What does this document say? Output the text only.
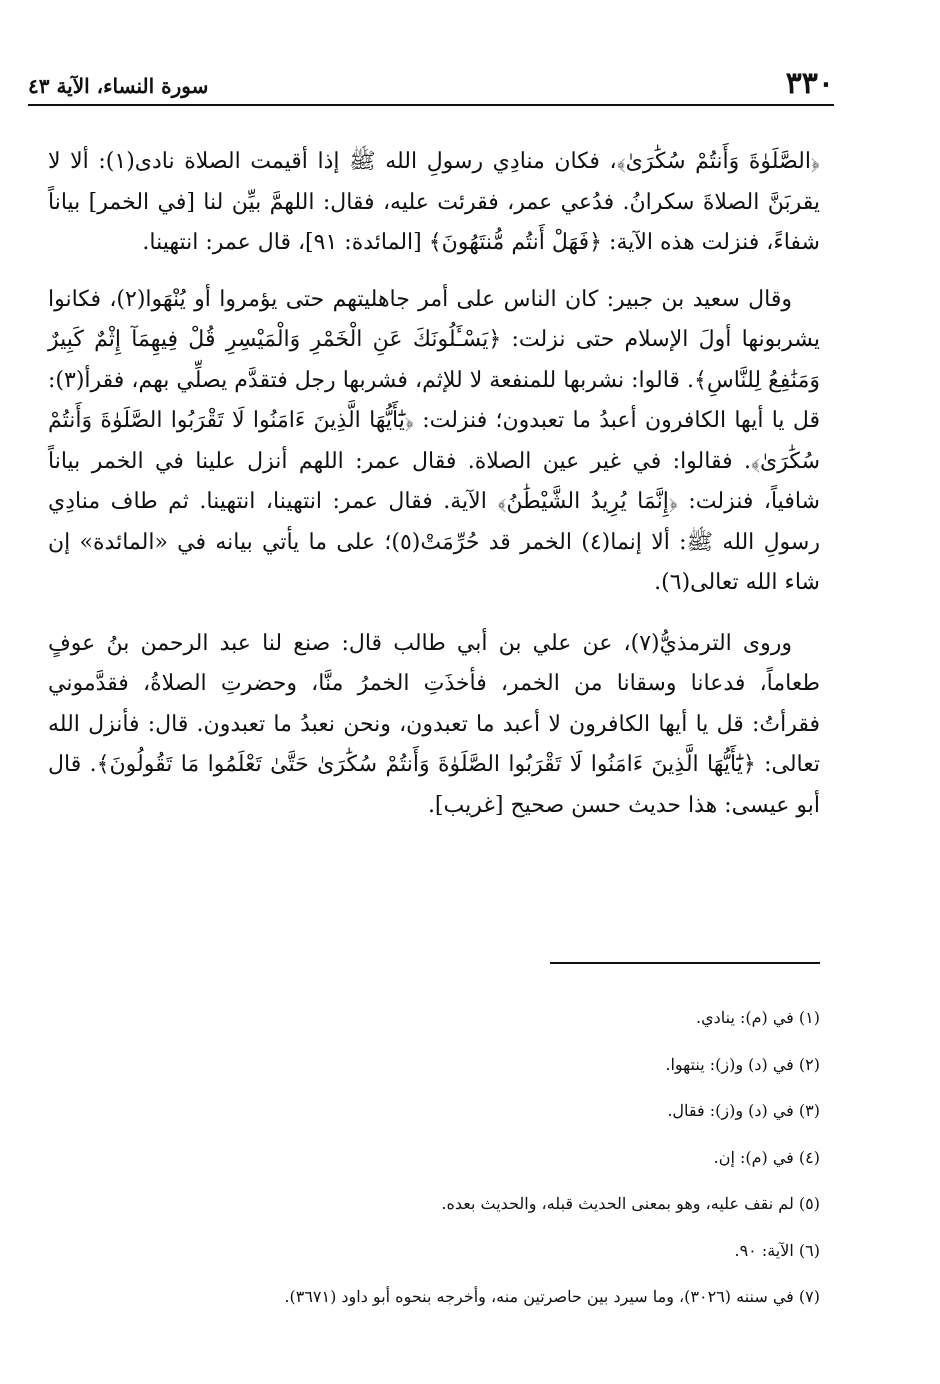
٣٣٠
سورة النساء، الآية ٤٣

﴿الصَّلَوٰةَ وَأَنتُمْ سُكَٰرَىٰ﴾، فكان منادِي رسولِ الله ﷺ إذا أقيمت الصلاة نادى(١): ألا لا يقربَنَّ الصلاةَ سكرانُ. فدُعي عمر، فقرئت عليه، فقال: اللهمَّ بيِّن لنا [في الخمر] بياناً شفاءً، فنزلت هذه الآية: ﴿فَهَلْ أَنتُم مُّنتَهُونَ﴾ [المائدة: ٩١]، قال عمر: انتهينا.

وقال سعيد بن جبير: كان الناس على أمر جاهليتهم حتى يؤمروا أو يُنْهَوا(٢)، فكانوا يشربونها أولَ الإسلام حتى نزلت: ﴿يَسْـَٔلُونَكَ عَنِ الْخَمْرِ وَالْمَيْسِرِ قُلْ فِيهِمَآ إِثْمٌ كَبِيرٌ وَمَنَٰفِعُ لِلنَّاسِ﴾. قالوا: نشربها للمنفعة لا للإثم، فشربها رجل فتقدَّم يصلِّي بهم، فقرأ(٣): قل يا أيها الكافرون أعبدُ ما تعبدون؛ فنزلت: ﴿يَٰٓأَيُّهَا الَّذِينَ ءَامَنُوا لَا تَقْرَبُوا الصَّلَوٰةَ وَأَنتُمْ سُكَٰرَىٰ﴾. فقالوا: في غير عين الصلاة. فقال عمر: اللهم أنزل علينا في الخمر بياناً شافياً، فنزلت: ﴿إِنَّمَا يُرِيدُ الشَّيْطَٰنُ﴾ الآية. فقال عمر: انتهينا، انتهينا. ثم طاف منادِي رسولِ الله ﷺ: ألا إنما(٤) الخمر قد حُرِّمَتْ(٥)؛ على ما يأتي بيانه في «المائدة» إن شاء الله تعالى(٦).

وروى الترمذيُّ(٧)، عن علي بن أبي طالب قال: صنع لنا عبد الرحمن بنُ عوفٍ طعاماً، فدعانا وسقانا من الخمر، فأخذَتِ الخمرُ منَّا، وحضرتِ الصلاةُ، فقدَّموني فقرأتُ: قل يا أيها الكافرون لا أعبد ما تعبدون، ونحن نعبدُ ما تعبدون. قال: فأنزل الله تعالى: ﴿يَٰٓأَيُّهَا الَّذِينَ ءَامَنُوا لَا تَقْرَبُوا الصَّلَوٰةَ وَأَنتُمْ سُكَٰرَىٰ حَتَّىٰ تَعْلَمُوا مَا تَقُولُونَ﴾. قال أبو عيسى: هذا حديث حسن صحيح [غريب].

(١) في (م): ينادي.
(٢) في (د) و(ز): ينتهوا.
(٣) في (د) و(ز): فقال.
(٤) في (م): إن.
(٥) لم نقف عليه، وهو بمعنى الحديث قبله، والحديث بعده.
(٦) الآية: ٩٠.
(٧) في سننه (٣٠٢٦)، وما سيرد بين حاصرتين منه، وأخرجه بنحوه أبو داود (٣٦٧١).
